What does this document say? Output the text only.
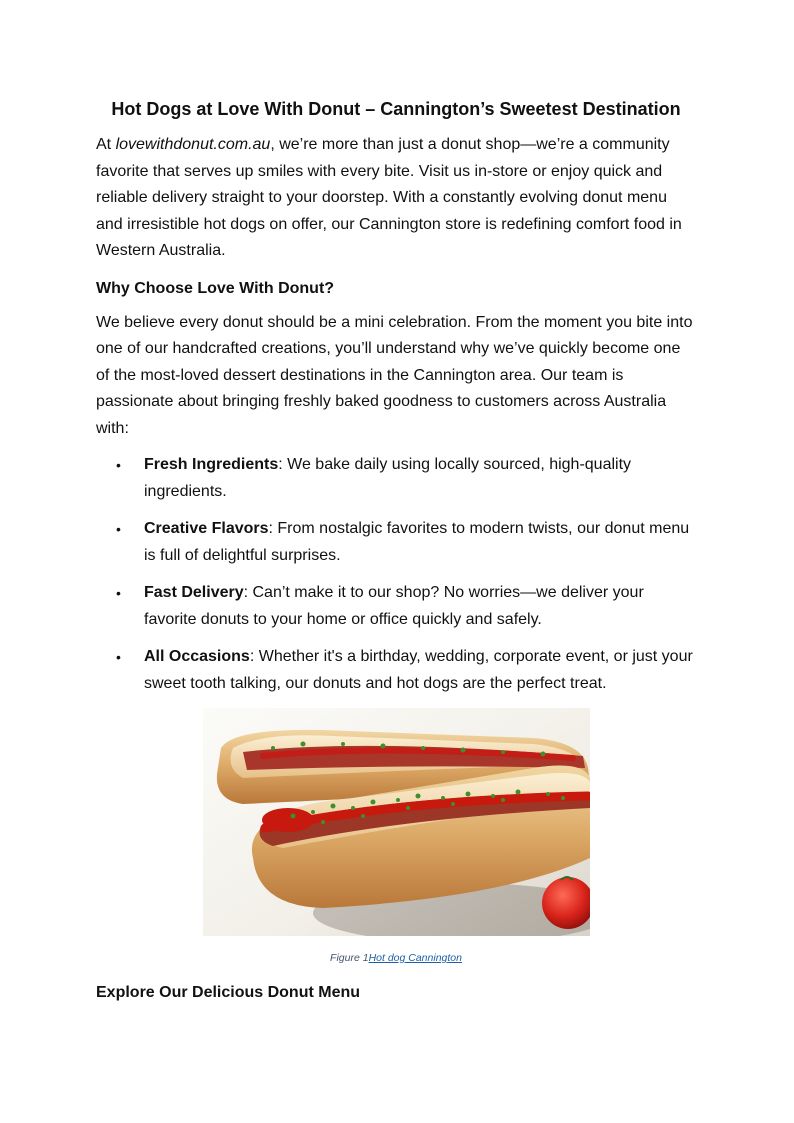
Hot Dogs at Love With Donut – Cannington’s Sweetest Destination

At lovewithdonut.com.au, we’re more than just a donut shop—we’re a community favorite that serves up smiles with every bite. Visit us in-store or enjoy quick and reliable delivery straight to your doorstep. With a constantly evolving donut menu and irresistible hot dogs on offer, our Cannington store is redefining comfort food in Western Australia.

Why Choose Love With Donut?

We believe every donut should be a mini celebration. From the moment you bite into one of our handcrafted creations, you’ll understand why we’ve quickly become one of the most-loved dessert destinations in the Cannington area. Our team is passionate about bringing freshly baked goodness to customers across Australia with:

• Fresh Ingredients: We bake daily using locally sourced, high-quality ingredients.
• Creative Flavors: From nostalgic favorites to modern twists, our donut menu is full of delightful surprises.
• Fast Delivery: Can’t make it to our shop? No worries—we deliver your favorite donuts to your home or office quickly and safely.
• All Occasions: Whether it's a birthday, wedding, corporate event, or just your sweet tooth talking, our donuts and hot dogs are the perfect treat.
Figure 1Hot dog Cannington
Explore Our Delicious Donut Menu
